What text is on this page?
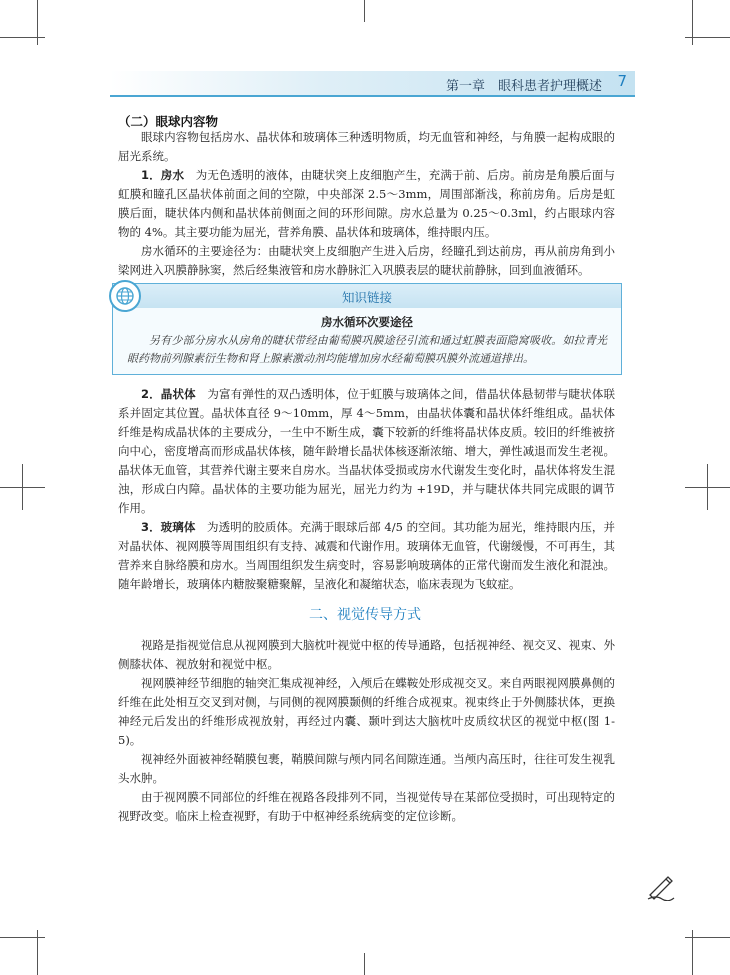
第一章　眼科患者护理概述 7
（二）眼球内容物

眼球内容物包括房水、晶状体和玻璃体三种透明物质，均无血管和神经，与角膜一起构成眼的屈光系统。

1．房水　为无色透明的液体，由睫状突上皮细胞产生，充满于前、后房。前房是角膜后面与虹膜和瞳孔区晶状体前面之间的空隙，中央部深 2.5～3mm，周围部渐浅，称前房角。后房是虹膜后面，睫状体内侧和晶状体前侧面之间的环形间隙。房水总量为 0.25～0.3ml，约占眼球内容物的 4%。其主要功能为屈光，营养角膜、晶状体和玻璃体，维持眼内压。

房水循环的主要途径为：由睫状突上皮细胞产生进入后房，经瞳孔到达前房，再从前房角到小梁网进入巩膜静脉窦，然后经集液管和房水静脉汇入巩膜表层的睫状前静脉，回到血液循环。

知识链接
房水循环次要途径

另有少部分房水从房角的睫状带经由葡萄膜巩膜途径引流和通过虹膜表面隐窝吸收。如拉青光眼药物前列腺素衍生物和肾上腺素激动剂均能增加房水经葡萄膜巩膜外流通道排出。

2．晶状体　为富有弹性的双凸透明体，位于虹膜与玻璃体之间，借晶状体悬韧带与睫状体联系并固定其位置。晶状体直径 9～10mm，厚 4～5mm，由晶状体囊和晶状体纤维组成。晶状体纤维是构成晶状体的主要成分，一生中不断生成，囊下较新的纤维将晶状体皮质。较旧的纤维被挤向中心，密度增高而形成晶状体核，随年龄增长晶状体核逐渐浓缩、增大，弹性减退而发生老视。晶状体无血管，其营养代谢主要来自房水。当晶状体受损或房水代谢发生变化时，晶状体将发生混浊，形成白内障。晶状体的主要功能为屈光，屈光力约为 +19D，并与睫状体共同完成眼的调节作用。

3．玻璃体　为透明的胶质体。充满于眼球后部 4/5 的空间。其功能为屈光，维持眼内压，并对晶状体、视网膜等周围组织有支持、减震和代谢作用。玻璃体无血管，代谢缓慢，不可再生，其营养来自脉络膜和房水。当周围组织发生病变时，容易影响玻璃体的正常代谢而发生液化和混浊。随年龄增长，玻璃体内糖胺聚糖聚解，呈液化和凝缩状态，临床表现为飞蚊症。

二、视觉传导方式

视路是指视觉信息从视网膜到大脑枕叶视觉中枢的传导通路，包括视神经、视交叉、视束、外侧膝状体、视放射和视觉中枢。

视网膜神经节细胞的轴突汇集成视神经，入颅后在蝶鞍处形成视交叉。来自两眼视网膜鼻侧的纤维在此处相互交叉到对侧，与同侧的视网膜颞侧的纤维合成视束。视束终止于外侧膝状体，更换神经元后发出的纤维形成视放射，再经过内囊、颞叶到达大脑枕叶皮质纹状区的视觉中枢(图 1-5)。

视神经外面被神经鞘膜包裹，鞘膜间隙与颅内同名间隙连通。当颅内高压时，往往可发生视乳头水肿。

由于视网膜不同部位的纤维在视路各段排列不同，当视觉传导在某部位受损时，可出现特定的视野改变。临床上检查视野，有助于中枢神经系统病变的定位诊断。
